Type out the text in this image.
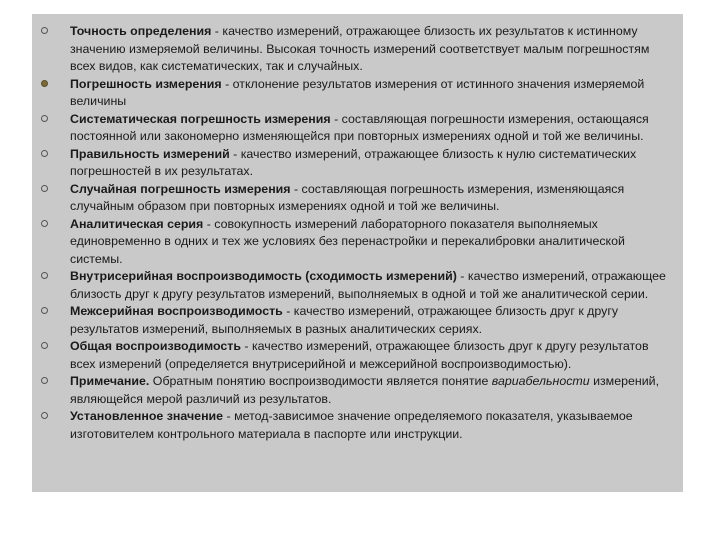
Точность определения - качество измерений, отражающее близость их результатов к истинному значению измеряемой величины. Высокая точность измерений соответствует малым погрешностям всех видов, как систематических, так и случайных.
Погрешность измерения - отклонение результатов измерения от истинного значения измеряемой величины
Систематическая погрешность измерения - составляющая погрешности измерения, остающаяся постоянной или закономерно изменяющейся при повторных измерениях одной и той же величины.
Правильность измерений - качество измерений, отражающее близость к нулю систематических погрешностей в их результатах.
Случайная погрешность измерения - составляющая погрешность измерения, изменяющаяся случайным образом при повторных измерениях одной и той же величины.
Аналитическая серия - совокупность измерений лабораторного показателя выполняемых единовременно в одних и тех же условиях без перенастройки и перекалибровки аналитической системы.
Внутрисерийная воспроизводимость (сходимость измерений) - качество измерений, отражающее близость друг к другу результатов измерений, выполняемых в одной и той же аналитической серии.
Межсерийная воспроизводимость - качество измерений, отражающее близость друг к другу результатов измерений, выполняемых в разных аналитических сериях.
Общая воспроизводимость - качество измерений, отражающее близость друг к другу результатов всех измерений (определяется внутрисерийной и межсерийной воспроизводимостью).
Примечание. Обратным понятию воспроизводимости является понятие вариабельности измерений, являющейся мерой различий из результатов.
Установленное значение - метод-зависимое значение определяемого показателя, указываемое изготовителем контрольного материала в паспорте или инструкции.
